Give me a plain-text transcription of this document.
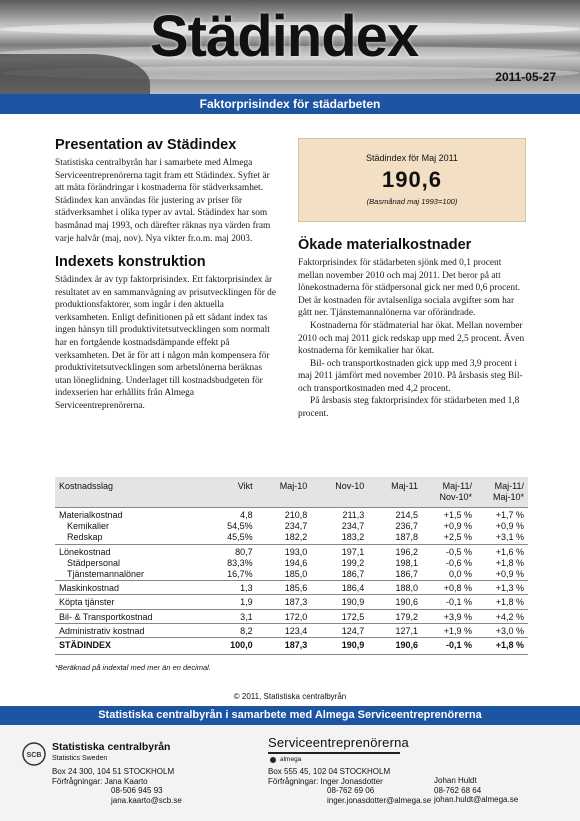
Städindex
2011-05-27
Faktorprisindex för städarbeten
Presentation av Städindex

Statistiska centralbyrån har i samarbete med Almega Serviceentreprenörerna tagit fram ett Städindex. Syftet är att mäta förändringar i kostnaderna för städverksamhet. Städindex kan användas för justering av priser för städverksamhet i olika typer av avtal. Städindex har som basmånad maj 1993, och därefter räknas nya värden fram varje halvår (maj, nov). Nya vikter fr.o.m. maj 2003.

Indexets konstruktion

Städindex är av typ faktorprisindex. Ett faktorprisindex är resultatet av en sammanvägning av prisutvecklingen för de produktionsfaktorer, som ingår i den aktuella verksamheten. Enligt definitionen på ett sådant index tas ingen hänsyn till produktivitetsutvecklingen som normalt har en fortgående kostnadsdämpande effekt på verksamheten. Det är för att i någon mån kompensera för produktivitetsutvecklingen som arbetslönerna beräknas utan löneglidning. Underlaget till kostnadsbudgeten för indexserien har erhållits från Almega Serviceentreprenörerna.

Städindex för Maj 2011
190,6
(Basmånad maj 1993=100)
Ökade materialkostnader

Faktorprisindex för städarbeten sjönk med 0,1 procent mellan november 2010 och maj 2011. Det beror på att lönekostnaderna för städpersonal gick ner med 0,6 procent. Det är kostnaden för avtalsenliga sociala avgifter som har gått ner. Tjänstemannalönerna var oförändrade.

Kostnaderna för städmaterial har ökat. Mellan november 2010 och maj 2011 gick redskap upp med 2,5 procent. Även kostnaderna för kemikalier har ökat.

Bil- och transportkostnaden gick upp med 3,9 procent i maj 2011 jämfört med november 2010. På årsbasis steg Bil- och transportkostnaden med 4,2 procent.

På årsbasis steg faktorprisindex för städarbeten med 1,8 procent.

Kostnadsslag	Vikt	Maj-10	Nov-10	Maj-11	Maj-11/ Nov-10*	Maj-11/ Maj-10*
Materialkostnad	4,8	210,8	211,3	214,5	+1,5 %	+1,7 %
Kemikalier	54,5%	234,7	234,7	236,7	+0,9 %	+0,9 %
Redskap	45,5%	182,2	183,2	187,8	+2,5 %	+3,1 %
Lönekostnad	80,7	193,0	197,1	196,2	-0,5 %	+1,6 %
Städpersonal	83,3%	194,6	199,2	198,1	-0,6 %	+1,8 %
Tjänstemannalöner	16,7%	185,0	186,7	186,7	0,0 %	+0,9 %
Maskinkostnad	1,3	185,6	186,4	188,0	+0,8 %	+1,3 %
Köpta tjänster	1,9	187,3	190,9	190,6	-0,1 %	+1,8 %
Bil- & Transportkostnad	3,1	172,0	172,5	179,2	+3,9 %	+4,2 %
Administrativ kostnad	8,2	123,4	124,7	127,1	+1,9 %	+3,0 %
STÄDINDEX	100,0	187,3	190,9	190,6	-0,1 %	+1,8 %
*Beräknad på indextal med mer än en decimal.
© 2011, Statistiska centralbyrån
Statistiska centralbyrån i samarbete med Almega Serviceentreprenörerna
SCB
Statistiska centralbyrån
Statistics Sweden
Box 24 300, 104 51 STOCKHOLM
Förfrågningar: Jana Kaarto
08-506 945 93
jana.kaarto@scb.se
Serviceentreprenörerna
almega
Box 555 45, 102 04 STOCKHOLM
Förfrågningar: Inger Jonasdotter
08-762 69 06
inger.jonasdotter@almega.se
Johan Huldt
08-762 68 64
johan.huldt@almega.se
